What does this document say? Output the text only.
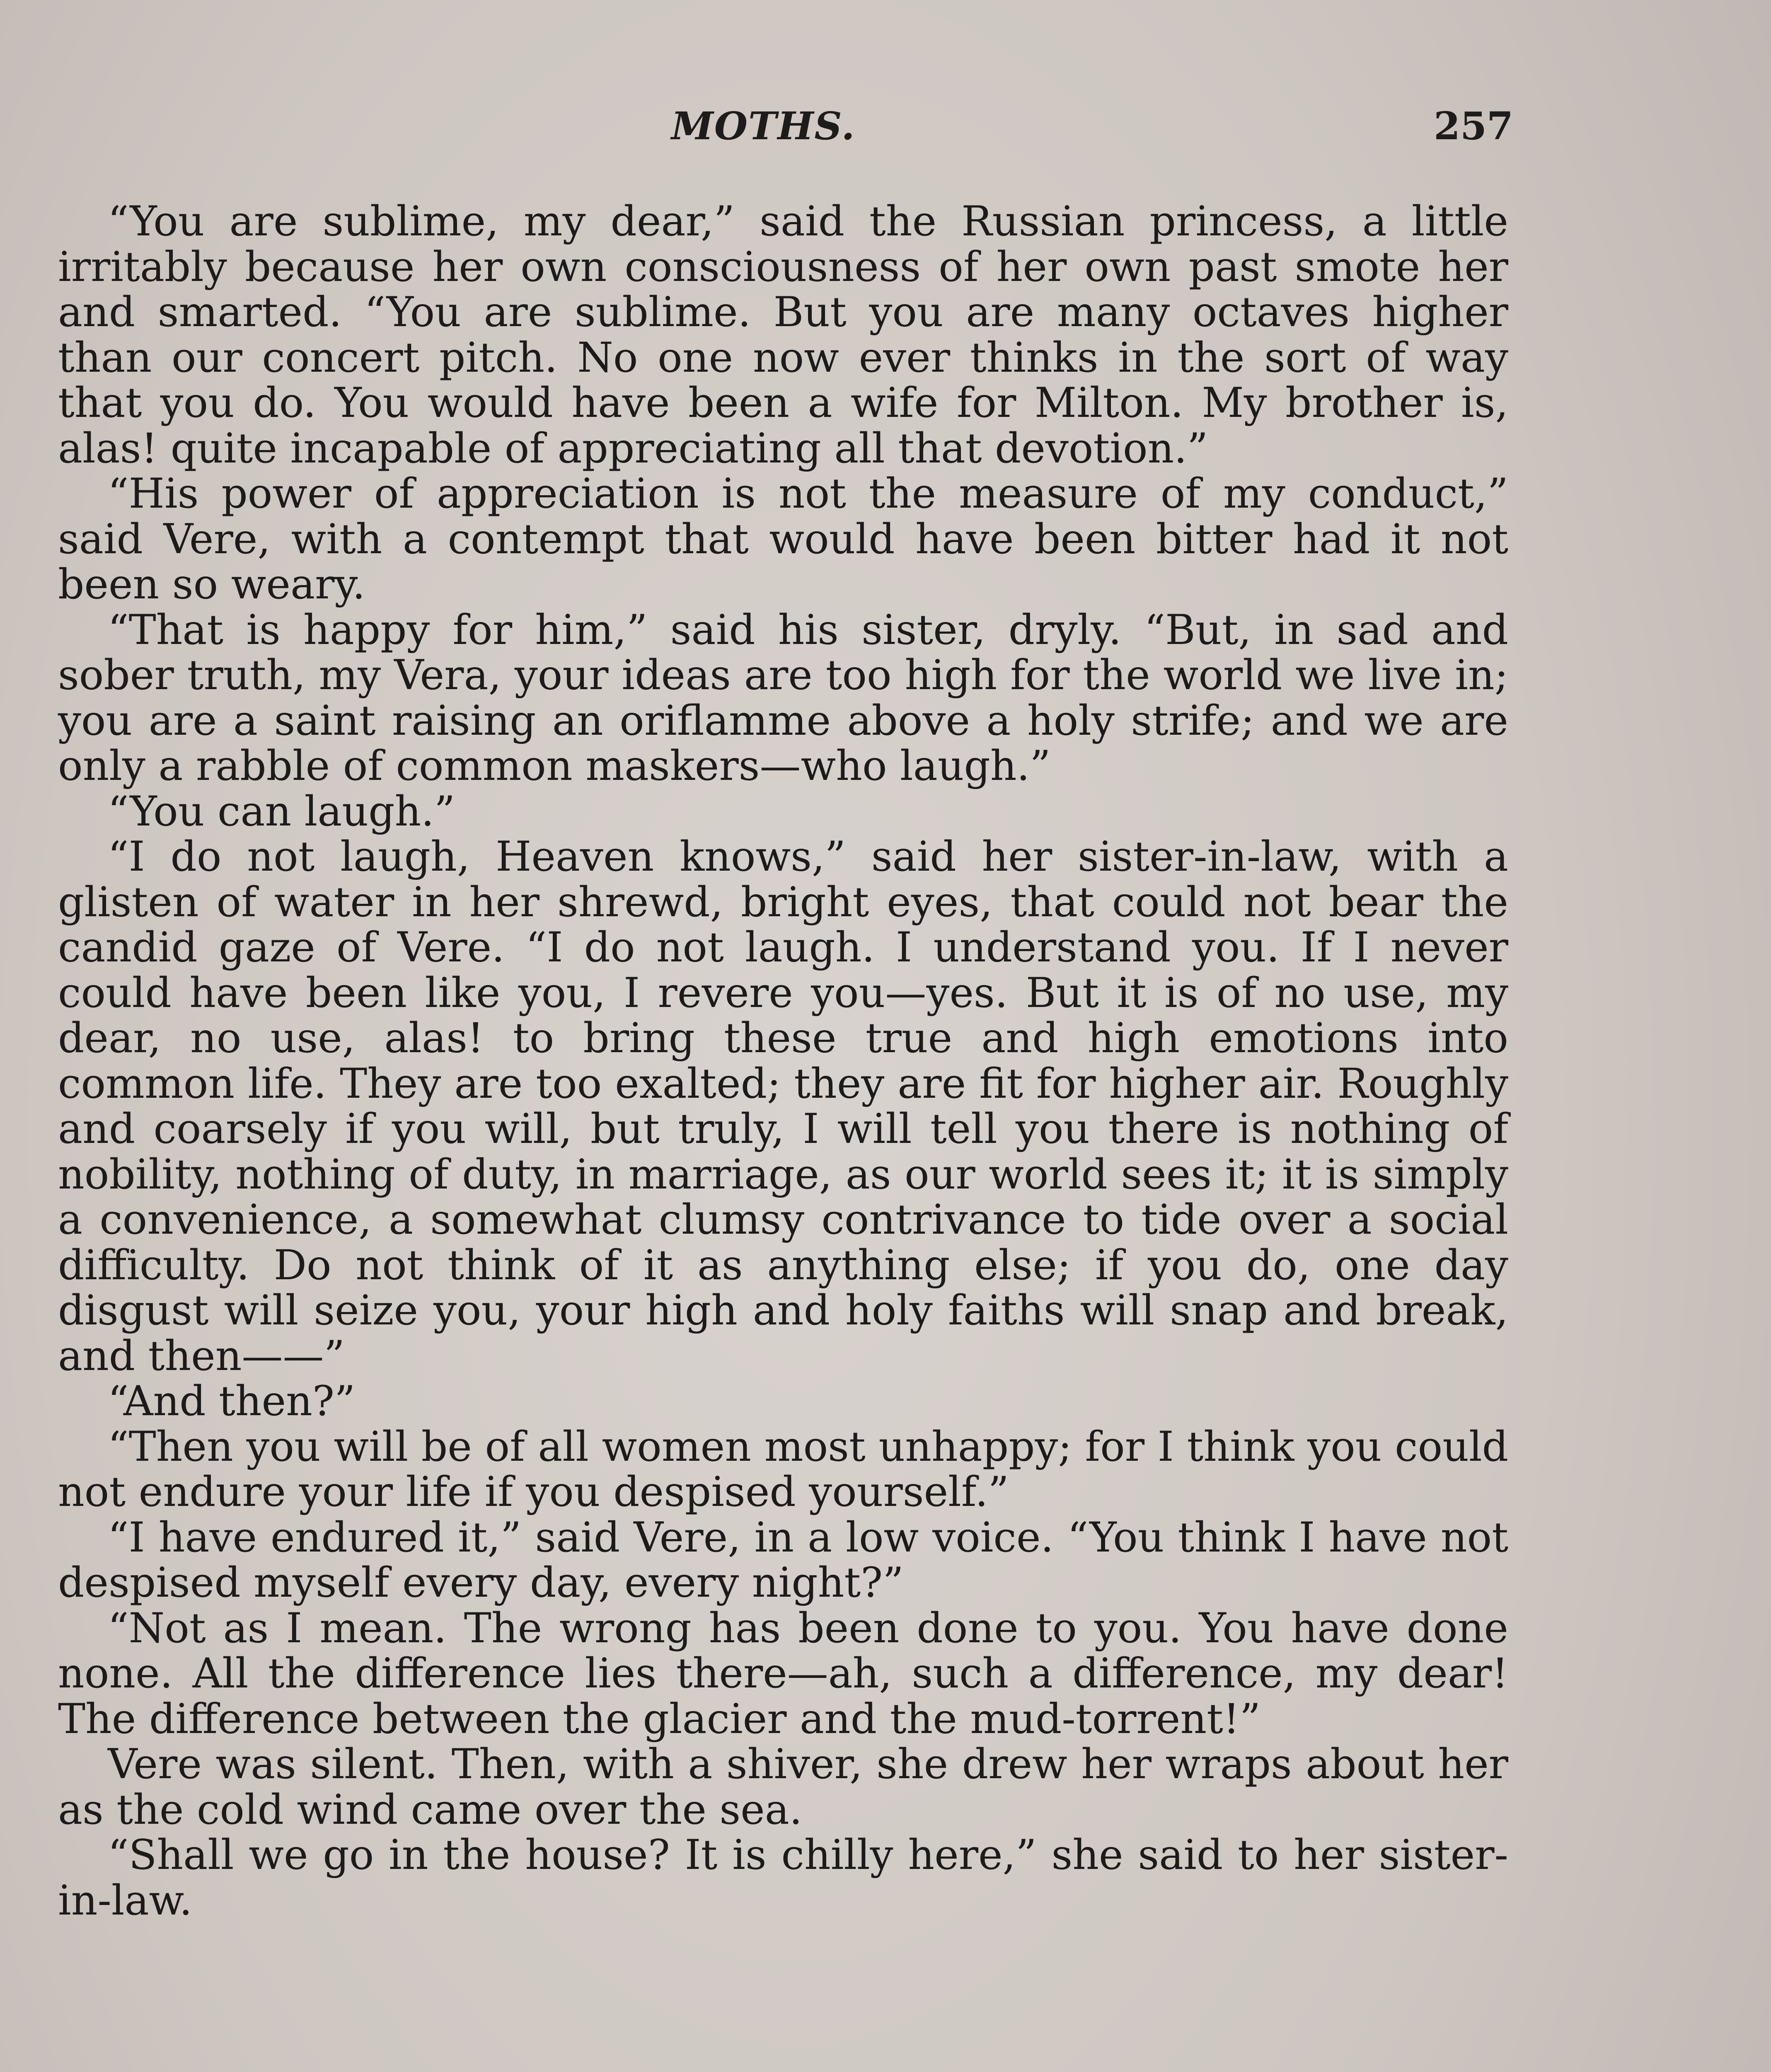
MOTHS.	257

“You are sublime, my dear,” said the Russian princess, a little irritably because her own consciousness of her own past smote her and smarted. “You are sublime. But you are many octaves higher than our concert pitch. No one now ever thinks in the sort of way that you do. You would have been a wife for Milton. My brother is, alas! quite incapable of appreciating all that devotion.”

“His power of appreciation is not the measure of my conduct,” said Vere, with a contempt that would have been bitter had it not been so weary.

“That is happy for him,” said his sister, dryly. “But, in sad and sober truth, my Vera, your ideas are too high for the world we live in; you are a saint raising an oriflamme above a holy strife; and we are only a rabble of common maskers—who laugh.”

“You can laugh.”

“I do not laugh, Heaven knows,” said her sister-in-law, with a glisten of water in her shrewd, bright eyes, that could not bear the candid gaze of Vere. “I do not laugh. I understand you. If I never could have been like you, I revere you—yes. But it is of no use, my dear, no use, alas! to bring these true and high emotions into common life. They are too exalted; they are fit for higher air. Roughly and coarsely if you will, but truly, I will tell you there is nothing of nobility, nothing of duty, in marriage, as our world sees it; it is simply a convenience, a somewhat clumsy contrivance to tide over a social difficulty. Do not think of it as anything else; if you do, one day disgust will seize you, your high and holy faiths will snap and break, and then——”

“And then?”

“Then you will be of all women most unhappy; for I think you could not endure your life if you despised yourself.”

“I have endured it,” said Vere, in a low voice. “You think I have not despised myself every day, every night?”

“Not as I mean. The wrong has been done to you. You have done none. All the difference lies there—ah, such a difference, my dear! The difference between the glacier and the mud-torrent!”

Vere was silent. Then, with a shiver, she drew her wraps about her as the cold wind came over the sea.

“Shall we go in the house? It is chilly here,” she said to her sister-in-law.
